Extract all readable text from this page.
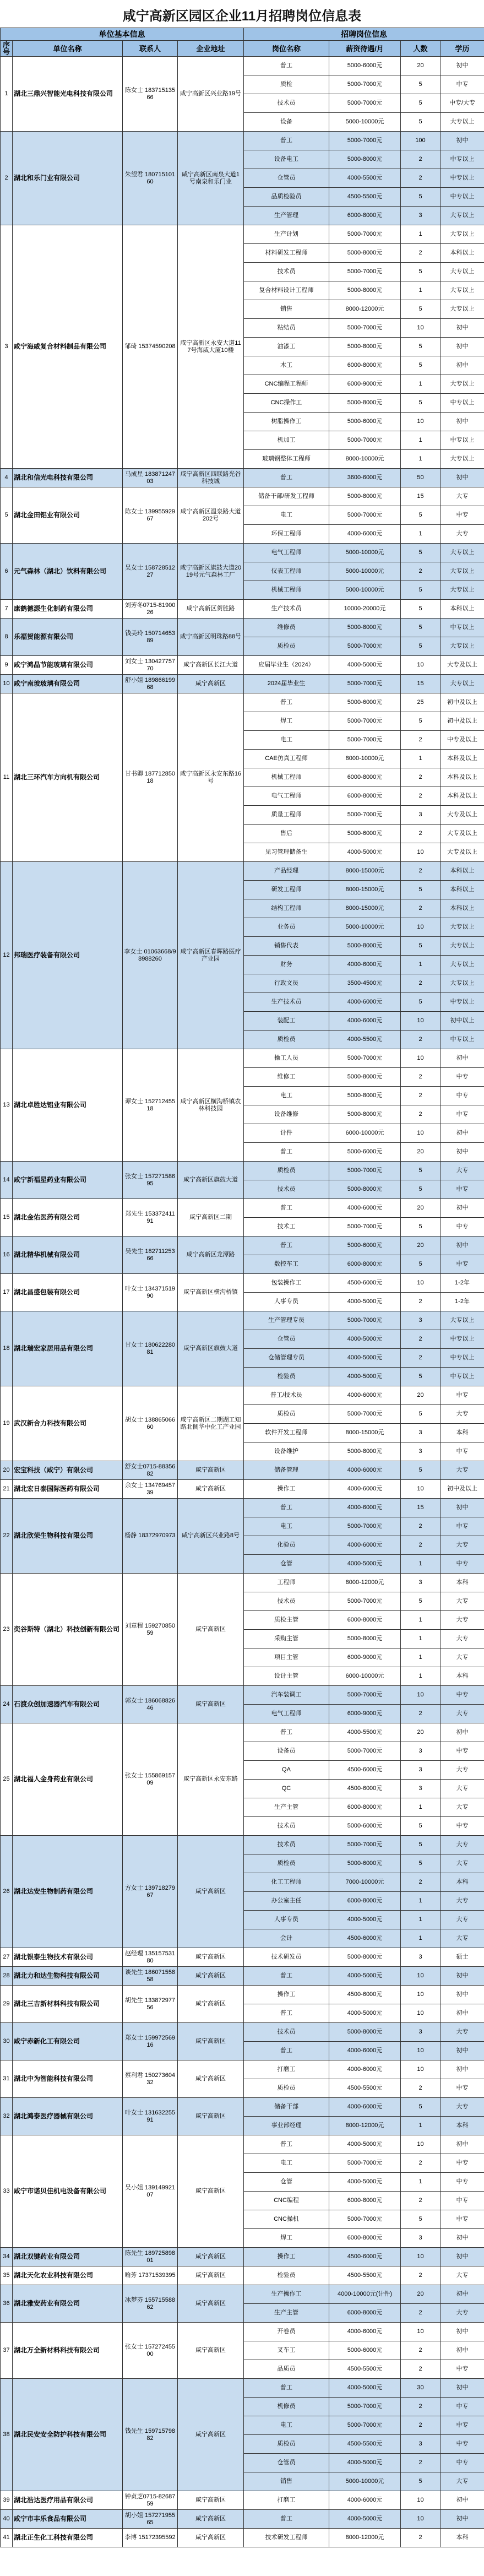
咸宁高新区园区企业11月招聘岗位信息表
单位基本信息				招聘岗位信息			
序号	单位名称	联系人	企业地址	岗位名称	薪资待遇/月	人数	学历
1	湖北三鼎兴智能光电科技有限公司	陈女士 18371513566	咸宁高新区兴业路19号	普工	5000-6000元	20	初中
				质检	5000-7000元	5	中专
				技术员	5000-7000元	5	中专/大专
				设备	5000-10000元	5	大专以上
2	湖北和乐门业有限公司	朱望君 18071510160	咸宁高新区南泉大道1号南泉和乐门业	普工	5000-7000元	100	初中
				设备电工	5000-8000元	2	中专以上
				仓管员	4000-5500元	2	中专以上
				品质检验员	4500-5500元	5	中专以上
				生产管理	6000-8000元	3	大专以上
3	咸宁海威复合材料制品有限公司	邹琦 15374590208	咸宁高新区永安大道117号海威大厦10楼	生产计划	5000-7000元	1	大专以上
				材料研发工程师	5000-8000元	2	本科以上
				技术员	5000-7000元	5	大专以上
				复合材料设计工程师	5000-8000元	1	大专以上
				销售	8000-12000元	5	大专以上
				粘结员	5000-7000元	10	初中
				油漆工	5000-8000元	5	初中
				木工	6000-8000元	5	初中
				CNC编程工程师	6000-9000元	1	大专以上
				CNC操作工	5000-8000元	5	中专以上
				树脂操作工	5000-6000元	10	初中
				机加工	5000-7000元	1	中专以上
				玻璃钢整体工程师	8000-10000元	1	大专以上
4	湖北和信光电科技有限公司	马成星 18387124703	咸宁高新区四联路光谷科技城	普工	3600-6000元	50	初中
5	湖北金田铝业有限公司	陈女士 13995592967	咸宁高新区温泉路大道202号	储备干部/研发工程师	5000-8000元	15	大专
				电工	5000-7000元	5	中专
				环保工程师	4000-6000元	1	大专
6	元气森林（湖北）饮料有限公司	吴女士 15872851227	咸宁高新区旗鼓大道2019号元气森林工厂	电气工程师	5000-10000元	5	大专以上
				仪表工程师	5000-10000元	2	大专以上
				机械工程师	5000-10000元	5	大专以上
7	康鹤德源生化制药有限公司	刘芳冬0715-8190026	咸宁高新区贺胜路	生产技术员	10000-20000元	5	本科以上
8	乐福贺能源有限公司	钱美玲 15071465389	咸宁高新区明珠路88号	维修员	5000-8000元	5	中专以上
				质检员	5000-7000元	5	大专以上
9	咸宁鸿晶节能玻璃有限公司	刘女士 13042775770	咸宁高新区长江大道	应届毕业生（2024）	4000-5000元	10	大专及以上
10	咸宁南玻玻璃有限公司	舒小姐 18986619968	咸宁高新区	2024届毕业生	5000-7000元	15	大专以上
11	湖北三环汽车方向机有限公司	甘书卿 18771285018	咸宁高新区永安东路16号	普工	5000-6000元	25	初中及以上
				焊工	5000-7000元	5	初中及以上
				电工	5000-7000元	2	中专及以上
				CAE仿真工程师	8000-10000元	1	本科及以上
				机械工程师	6000-8000元	2	本科及以上
				电气工程师	6000-8000元	2	本科及以上
				质量工程师	5000-7000元	3	大专及以上
				售后	5000-6000元	2	大专及以上
				见习管理储备生	4000-5000元	10	大专及以上
12	邦瑞医疗装备有限公司	李女士 01063668/98988260	咸宁高新区春晖路医疗产业园	产品经理	8000-15000元	2	本科以上
				研发工程师	8000-15000元	5	本科以上
				结构工程师	8000-15000元	2	本科以上
				业务员	5000-10000元	10	大专以上
				销售代表	5000-8000元	5	大专以上
				财务	4000-6000元	1	大专以上
				行政文员	3500-4500元	2	大专以上
				生产技术员	4000-6000元	5	中专以上
				装配工	4000-6000元	10	初中以上
				质检员	4000-5500元	2	中专以上
13	湖北卓胜达铝业有限公司	谭女士 15271245518	咸宁高新区横沟桥镇农林科技园	操工人员	5000-7000元	10	初中
				维修工	5000-8000元	2	中专
				电工	5000-8000元	2	中专
				设备维修	5000-8000元	2	中专
				计件	6000-10000元	10	初中
				普工	5000-6000元	20	初中
14	咸宁新福星药业有限公司	张女士 15727158695	咸宁高新区旗鼓大道	质检员	5000-7000元	5	大专
				技术员	5000-8000元	5	中专
15	湖北金佑医药有限公司	郑先生 15337241191	咸宁高新区二期	普工	4000-6000元	20	初中
				技术工	5000-7000元	5	中专
16	湖北精华机械有限公司	吴先生 18271125366	咸宁高新区龙潭路	普工	5000-6000元	20	初中
				数控车工	6000-8000元	5	中专
17	湖北昌盛包装有限公司	叶女士 13437151990	咸宁高新区横沟桥镇	包装操作工	4500-6000元	10	1-2年
				人事专员	4000-5000元	2	1-2年
18	湖北瑞宏家居用品有限公司	甘女士 18062228081	咸宁高新区旗鼓大道	生产管理专员	5000-7000元	3	大专以上
				仓管员	4000-5000元	2	中专以上
				仓储管理专员	4000-5000元	2	中专以上
				检验员	4000-5000元	5	中专以上
19	武汉新合力科技有限公司	胡女士 13886506660	咸宁高新区二期湖工知路北侧华中化工产业园	普工/技术员	4000-6000元	20	中专
				质检员	5000-7000元	5	大专
				软件开发工程师	8000-15000元	3	本科
				设备维护	5000-8000元	3	中专
20	宏宝科技（咸宁）有限公司	舒女士0715-8835682	咸宁高新区	储备管理	4000-6000元	5	大专
21	湖北宏日泰国际医药有限公司	余女士 13476945739	咸宁高新区	操作工	4000-6000元	10	初中及以上
22	湖北欣荣生物科技有限公司	杨静 18372970973	咸宁高新区兴业路8号	普工	4000-6000元	15	初中
				电工	5000-7000元	2	中专
				化验员	4000-6000元	2	大专
				仓管	4000-5000元	1	中专
23	奕谷斯特（湖北）科技创新有限公司	刘章程 15927085059	咸宁高新区	工程师	8000-12000元	3	本科
				技术员	5000-7000元	5	大专
				质检主管	6000-8000元	1	大专
				采购主管	5000-8000元	1	大专
				项目主管	6000-9000元	1	大专
				设计主管	6000-10000元	1	本科
24	石渡众创加速器汽车有限公司	郭女士 18606882646	咸宁高新区	汽车装调工	5000-7000元	10	中专
				电气工程师	6000-9000元	2	大专
25	湖北福人金身药业有限公司	张女士 15586915709	咸宁高新区永安东路	普工	4000-5500元	20	初中
				设备员	5000-7000元	3	中专
				QA	4500-6000元	3	大专
				QC	4500-6000元	3	大专
				生产主管	6000-8000元	1	大专
				技术员	5000-6000元	5	中专
26	湖北达安生物制药有限公司	方女士 13971827967	咸宁高新区	技术员	5000-7000元	5	大专
				质检员	5000-6000元	5	大专
				化工工程师	7000-10000元	2	本科
				办公室主任	6000-8000元	1	大专
				人事专员	4000-5000元	1	大专
				会计	4500-6000元	1	大专
27	湖北银泰生物技术有限公司	赵经理 13515753180	咸宁高新区	技术研发员	5000-8000元	3	硕士
28	湖北力和达生物科技有限公司	谈先生 18607155858	咸宁高新区	普工	4000-5000元	10	初中
29	湖北三吉新材料科技有限公司	胡先生 13387297756	咸宁高新区	操作工	4500-6000元	10	初中
				普工	4000-5000元	10	初中
30	咸宁赤新化工有限公司	郑女士 15997256916	咸宁高新区	技术员	5000-8000元	3	大专
				普工	4000-6000元	10	初中
31	湖北中为智能科技有限公司	蔡利君 15027360432	咸宁高新区	打磨工	4000-6000元	10	初中
				质检员	4500-5500元	2	中专
32	湖北鸿泰医疗器械有限公司	叶女士 13163225591	咸宁高新区	储备干部	4000-6000元	5	大专
				事业部经理	8000-12000元	1	本科
33	咸宁市诺贝佳机电设备有限公司	吴小姐 13914992107	咸宁高新区	普工	4000-5000元	10	初中
				电工	5000-7000元	2	中专
				仓管	4000-5000元	1	中专
				CNC编程	6000-8000元	2	中专
				CNC操机	5000-7000元	5	中专
				焊工	6000-8000元	3	初中
34	湖北双键药业有限公司	陈先生 18972589801	咸宁高新区	操作工	4500-6000元	10	初中
35	湖北天化农业科技有限公司	喻芳 17371539395	咸宁高新区	检验员	4500-5500元	2	大专
36	湖北雅安药业有限公司	冰梦芬 15571558862	咸宁高新区	生产操作工	4000-10000元(计件)	20	初中
				生产主管	6000-8000元	2	大专
37	湖北万全新材料科技有限公司	张女士 15727245500	咸宁高新区	开卷员	4000-6000元	10	初中
				叉车工	5000-6000元	2	初中
				品质员	4500-5500元	2	中专
38	湖北民安安全防护科技有限公司	钱先生 15971579882	咸宁高新区	普工	4000-5000元	30	初中
				机修员	5000-7000元	2	中专
				电工	5000-7000元	2	中专
				质检员	4500-5500元	3	中专
				仓管员	4000-5000元	2	中专
				销售	5000-10000元	5	大专
39	湖北浩达医疗用品有限公司	钟贞芝0715-8268759	咸宁高新区	打磨工	4000-6000元	10	初中
40	咸宁市丰乐食品有限公司	胡小姐 15727195565	咸宁高新区	普工	4000-5000元	10	初中
41	湖北正生化工科技有限公司	李博 15172395592	咸宁高新区	技术研发工程师	8000-12000元	2	本科
